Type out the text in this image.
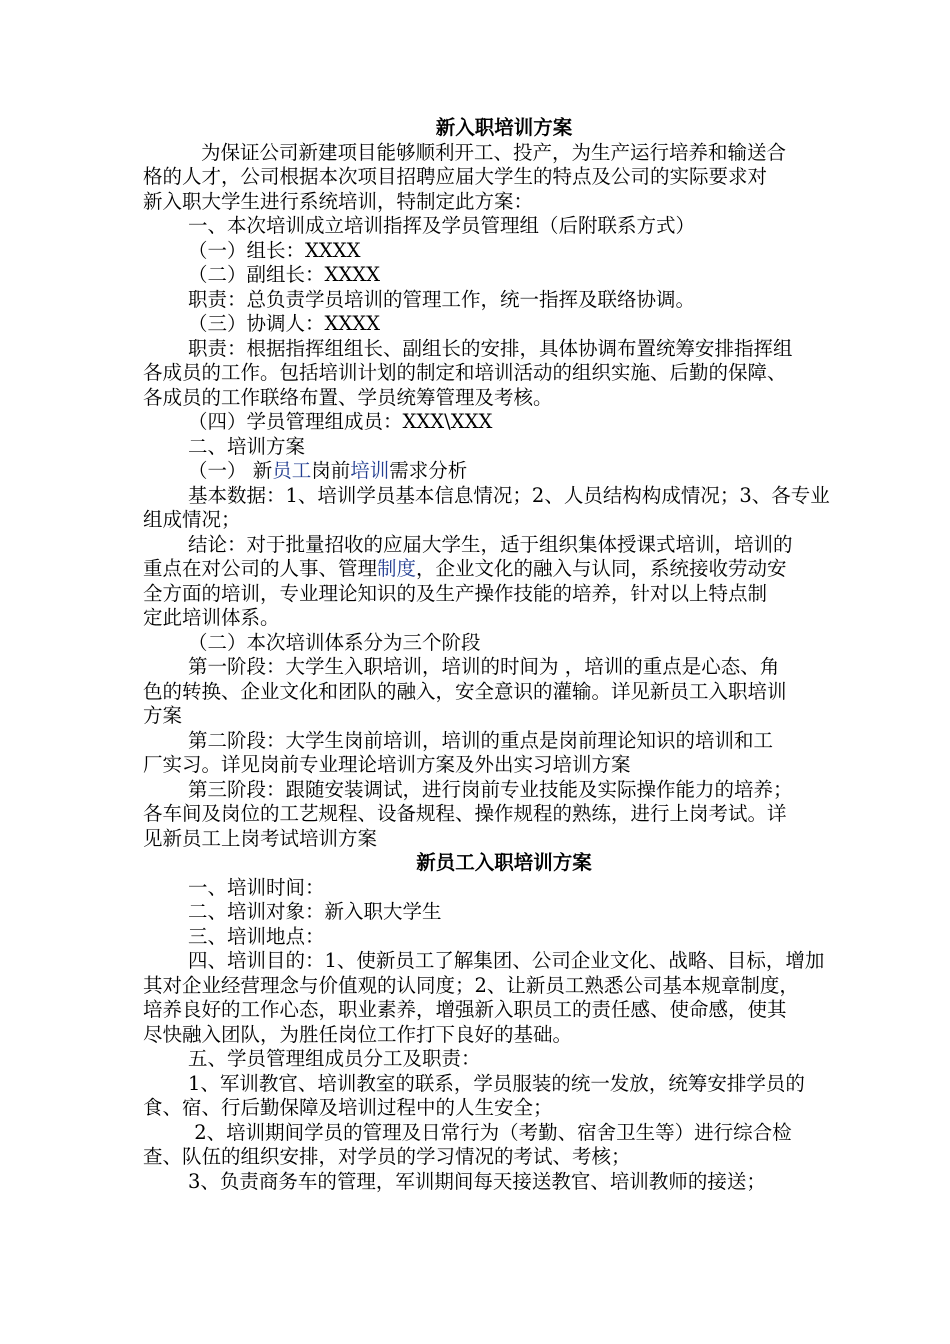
新入职培训方案
为保证公司新建项目能够顺利开工、投产，为生产运行培养和输送合
格的人才，公司根据本次项目招聘应届大学生的特点及公司的实际要求对
新入职大学生进行系统培训，特制定此方案：
一、本次培训成立培训指挥及学员管理组（后附联系方式）
（一）组长：XXXX
（二）副组长：XXXX
职责：总负责学员培训的管理工作，统一指挥及联络协调。
（三）协调人：XXXX
职责：根据指挥组组长、副组长的安排，具体协调布置统筹安排指挥组
各成员的工作。包括培训计划的制定和培训活动的组织实施、后勤的保障、
各成员的工作联络布置、学员统筹管理及考核。
（四）学员管理组成员：XXX\XXX
二、培训方案
（一） 新员工岗前培训需求分析
基本数据：1、培训学员基本信息情况；2、人员结构构成情况；3、各专业
组成情况；
结论：对于批量招收的应届大学生，适于组织集体授课式培训，培训的
重点在对公司的人事、管理制度，企业文化的融入与认同，系统接收劳动安
全方面的培训，专业理论知识的及生产操作技能的培养，针对以上特点制
定此培训体系。
（二）本次培训体系分为三个阶段
第一阶段：大学生入职培训，培训的时间为 ，培训的重点是心态、角
色的转换、企业文化和团队的融入，安全意识的灌输。详见新员工入职培训
方案
第二阶段：大学生岗前培训，培训的重点是岗前理论知识的培训和工
厂实习。详见岗前专业理论培训方案及外出实习培训方案
第三阶段：跟随安装调试，进行岗前专业技能及实际操作能力的培养；
各车间及岗位的工艺规程、设备规程、操作规程的熟练，进行上岗考试。详
见新员工上岗考试培训方案
新员工入职培训方案
一、培训时间：
二、培训对象：新入职大学生
三、培训地点：
四、培训目的：1、使新员工了解集团、公司企业文化、战略、目标，增加
其对企业经营理念与价值观的认同度；2、让新员工熟悉公司基本规章制度，
培养良好的工作心态，职业素养，增强新入职员工的责任感、使命感，使其
尽快融入团队，为胜任岗位工作打下良好的基础。
五、学员管理组成员分工及职责：
1、军训教官、培训教室的联系，学员服装的统一发放，统筹安排学员的
食、宿、行后勤保障及培训过程中的人生安全；
2、培训期间学员的管理及日常行为（考勤、宿舍卫生等）进行综合检
查、队伍的组织安排，对学员的学习情况的考试、考核；
3、负责商务车的管理，军训期间每天接送教官、培训教师的接送；
